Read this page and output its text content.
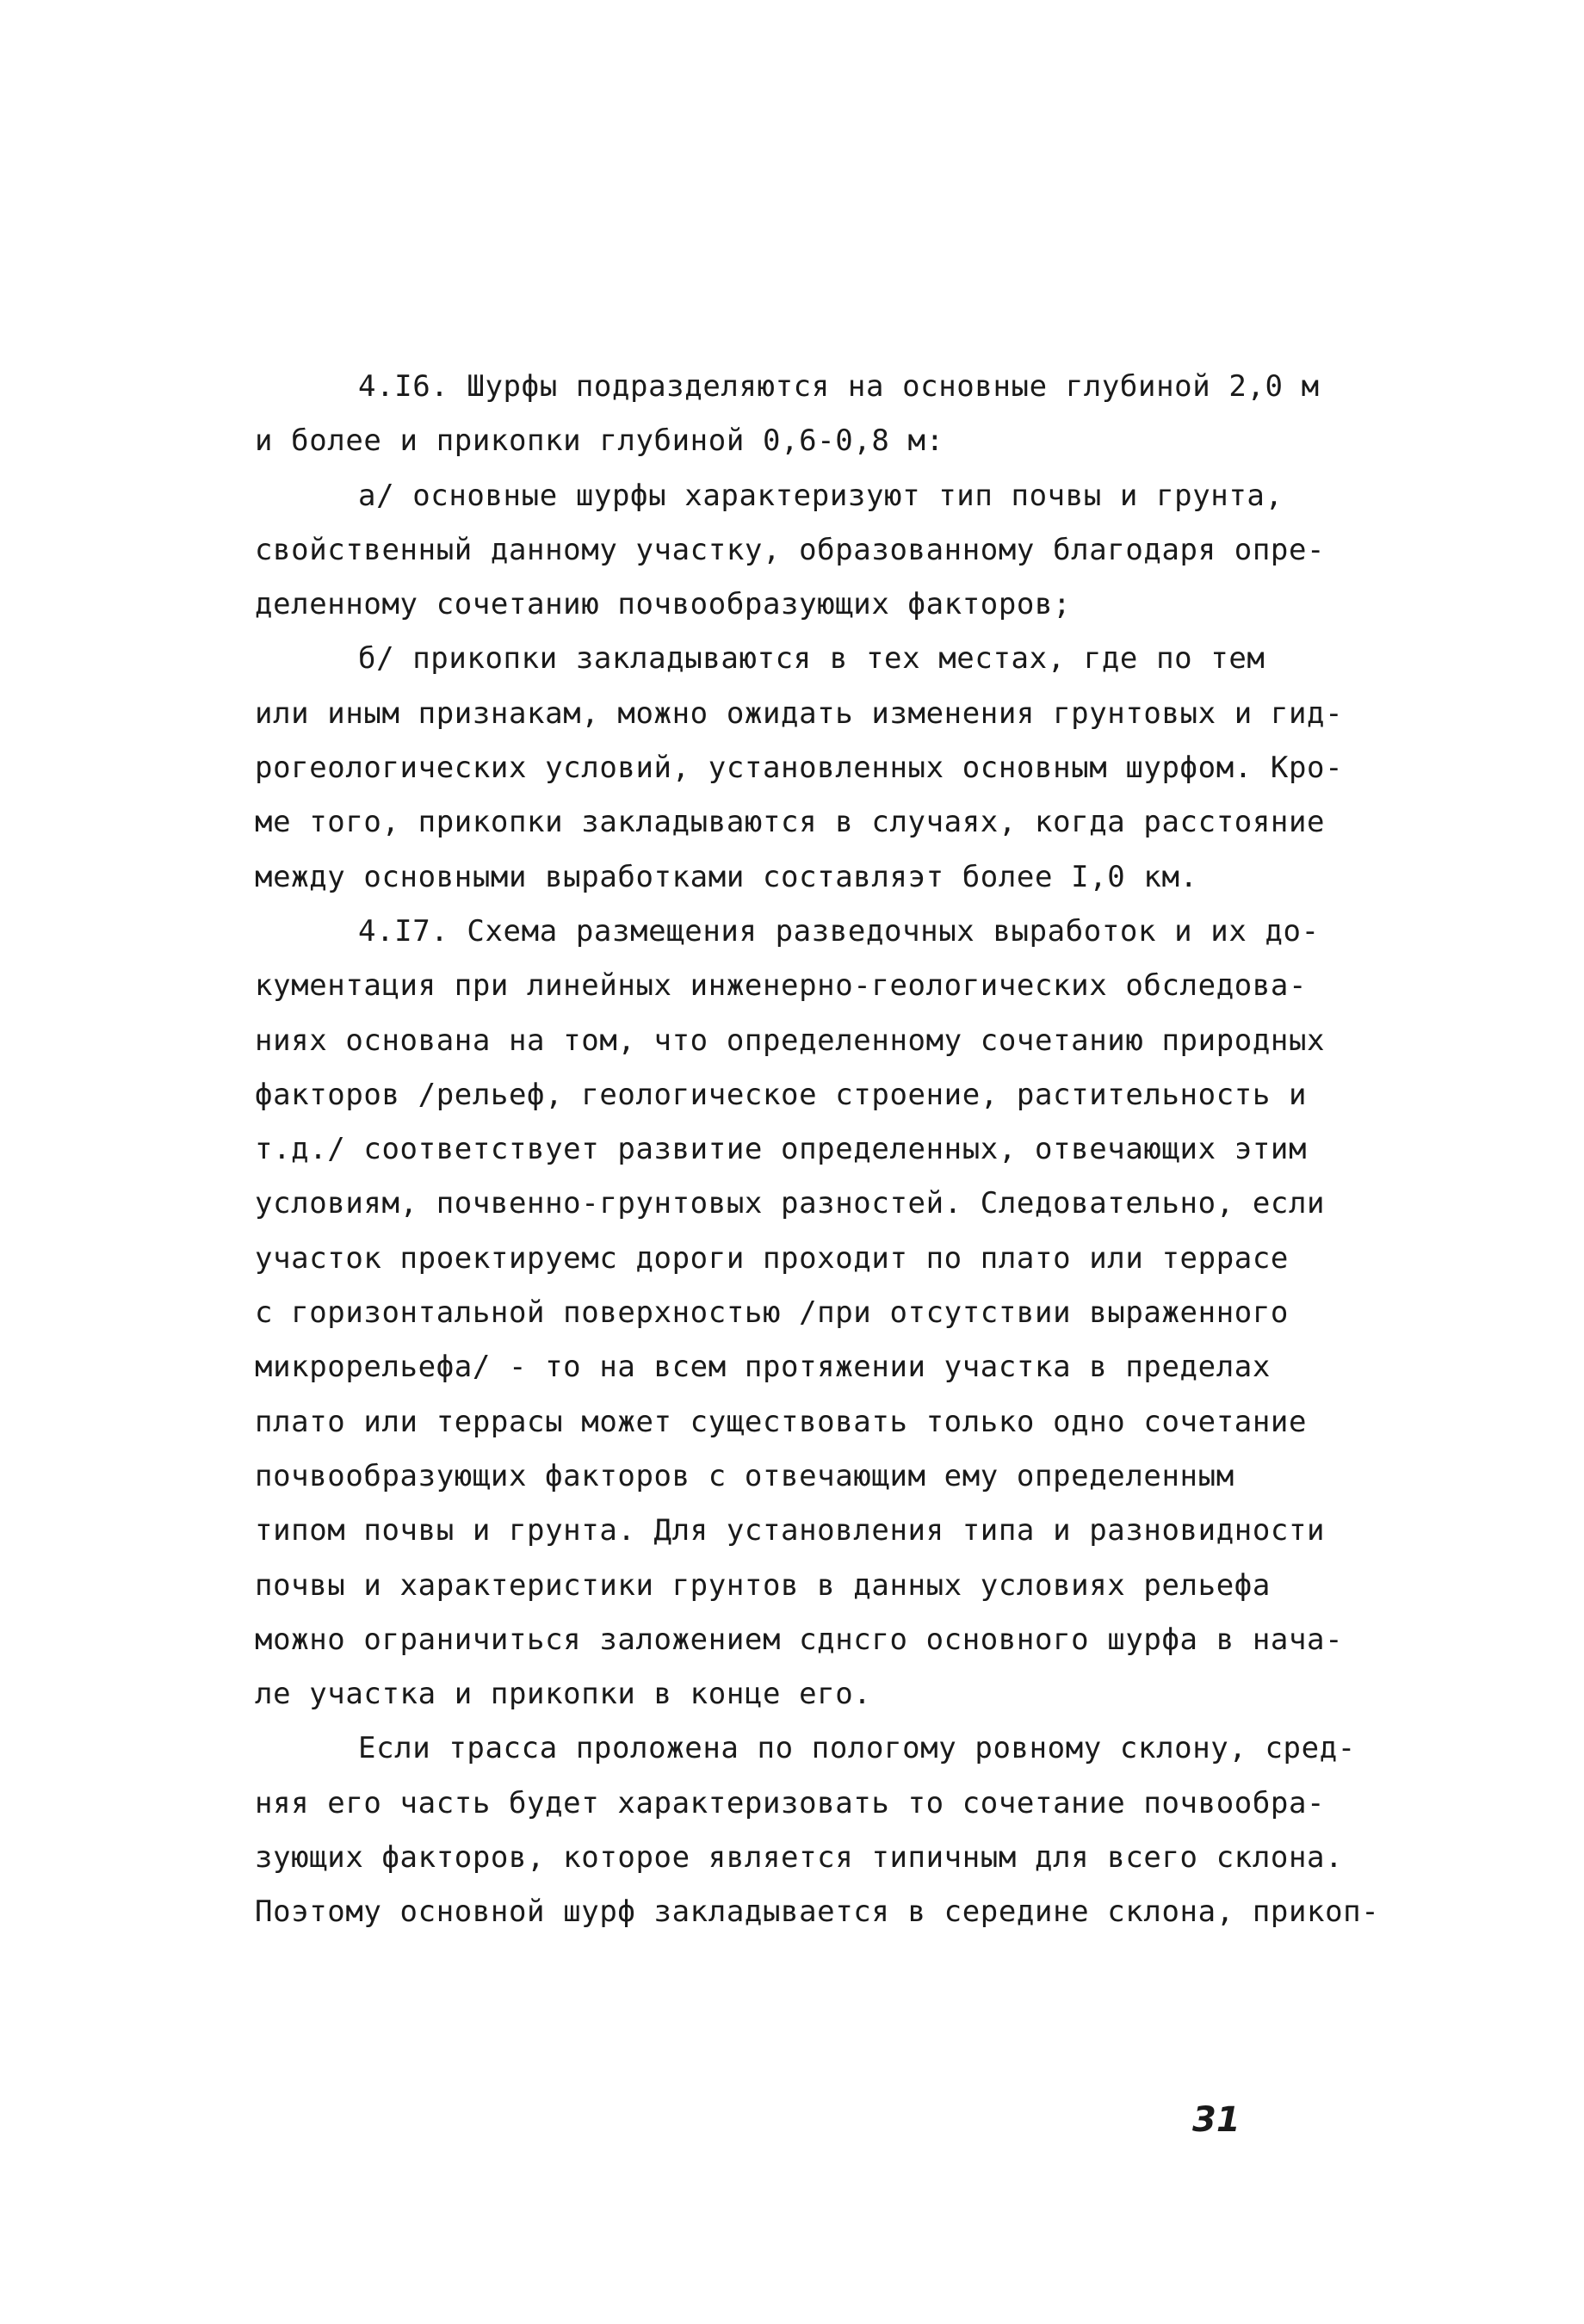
4.I6. Шурфы подразделяются на основные глубиной 2,0 м
и более и прикопки глубиной 0,6-0,8 м:
а/ основные шурфы характеризуют тип почвы и грунта,
свойственный данному участку, образованному благодаря опре-
деленному сочетанию почвообразующих факторов;
б/ прикопки закладываются в тех местах, где по тем
или иным признакам, можно ожидать изменения грунтовых и гид-
рогеологических условий, установленных основным шурфом. Кро-
ме того, прикопки закладываются в случаях, когда расстояние
между основными выработками составляэт более I,0 км.
4.I7. Схема размещения разведочных выработок и их до-
кументация при линейных инженерно-геологических обследова-
ниях основана на том, что определенному сочетанию природных
факторов /рельеф, геологическое строение, растительность и
т.д./ соответствует развитие определенных, отвечающих этим
условиям, почвенно-грунтовых разностей. Следовательно, если
участок проектируемс дороги проходит по плато или террасе
с горизонтальной поверхностью /при отсутствии выраженного
микрорельефа/ - то на всем протяжении участка в пределах
плато или террасы может существовать только одно сочетание
почвообразующих факторов с отвечающим ему определенным
типом почвы и грунта. Для установления типа и разновидности
почвы и характеристики грунтов в данных условиях рельефа
можно ограничиться заложением сднсго основного шурфа в нача-
ле участка и прикопки в конце его.
Если трасса проложена по пологому ровному склону, сред-
няя его часть будет характеризовать то сочетание почвообра-
зующих факторов, которое является типичным для всего склона.
Поэтому основной шурф закладывается в середине склона, прикоп-
31
